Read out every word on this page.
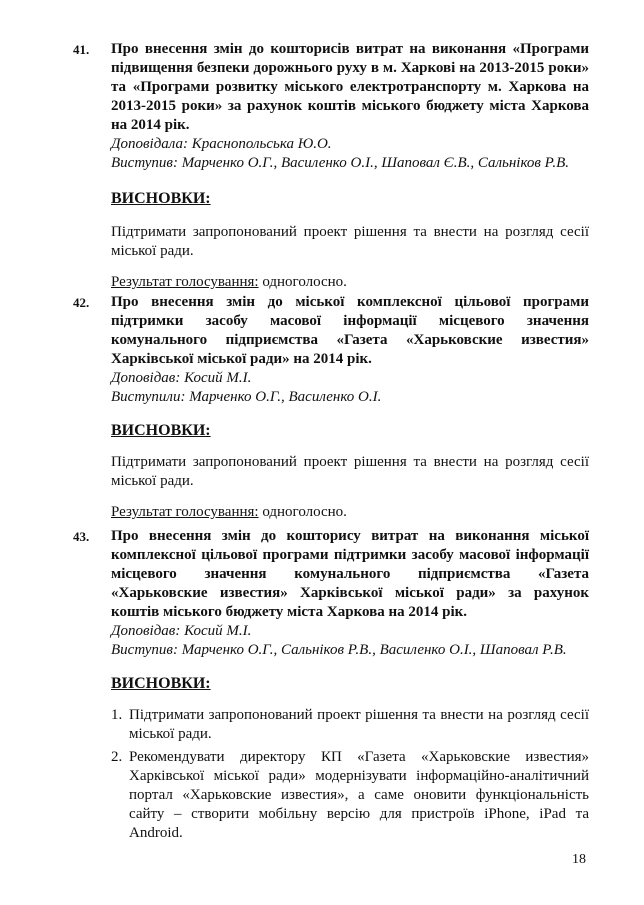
41. Про внесення змін до кошторисів витрат на виконання «Програми підвищення безпеки дорожнього руху в м. Харкові на 2013-2015 роки» та «Програми розвитку міського електротранспорту м. Харкова на 2013-2015 роки» за рахунок коштів міського бюджету міста Харкова на 2014 рік.

Доповідала: Краснопольська Ю.О.

Виступив: Марченко О.Г., Василенко О.І., Шаповал Є.В., Сальніков Р.В.

ВИСНОВКИ:

Підтримати запропонований проект рішення та внести на розгляд сесії міської ради.

Результат голосування: одноголосно.

42. Про внесення змін до міської комплексної цільової програми підтримки засобу масової інформації місцевого значення комунального підприємства «Газета «Харьковские известия» Харківської міської ради» на 2014 рік.

Доповідав: Косий М.І.

Виступили: Марченко О.Г., Василенко О.І.

ВИСНОВКИ:

Підтримати запропонований проект рішення та внести на розгляд сесії міської ради.

Результат голосування: одноголосно.

43. Про внесення змін до кошторису витрат на виконання міської комплексної цільової програми підтримки засобу масової інформації місцевого значення комунального підприємства «Газета «Харьковские известия» Харківської міської ради» за рахунок коштів міського бюджету міста Харкова на 2014 рік.

Доповідав: Косий М.І.

Виступив: Марченко О.Г., Сальніков Р.В., Василенко О.І., Шаповал Р.В.

ВИСНОВКИ:

1. Підтримати запропонований проект рішення та внести на розгляд сесії міської ради.
2. Рекомендувати директору КП «Газета «Харьковские известия» Харківської міської ради» модернізувати інформаційно-аналітичний портал «Харьковские известия», а саме оновити функціональність сайту – створити мобільну версію для пристроїв iPhone, iPad та Android.
18
